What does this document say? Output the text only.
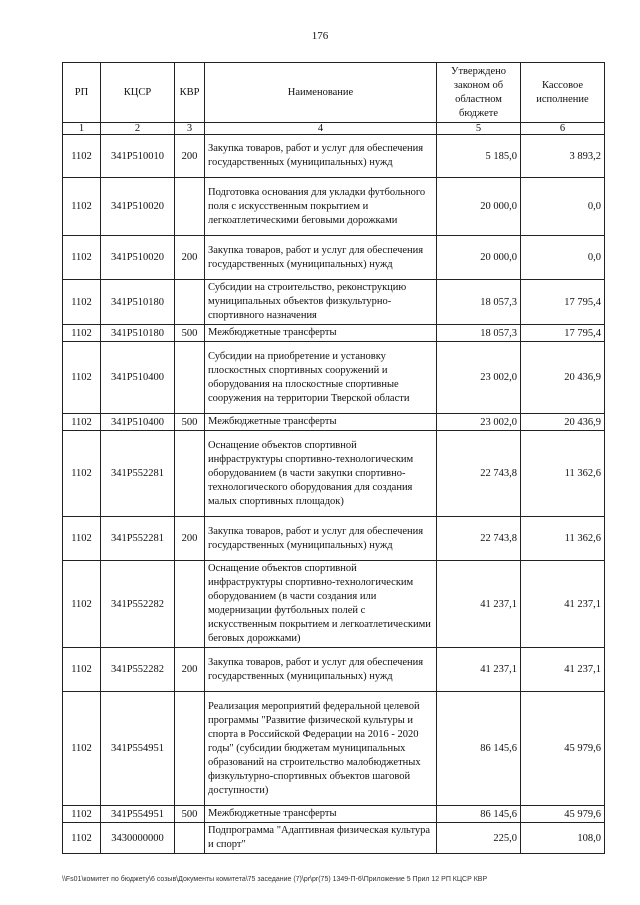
176
РП	КЦСР	КВР	Наименование	Утверждено законом об областном бюджете	Кассовое исполнение
1	2	3	4	5	6
1102	341Р510010	200	Закупка товаров, работ и услуг для обеспечения государственных (муниципальных) нужд	5 185,0	3 893,2
1102	341Р510020		Подготовка основания для укладки футбольного поля с искусственным покрытием и легкоатлетическими беговыми дорожками	20 000,0	0,0
1102	341Р510020	200	Закупка товаров, работ и услуг для обеспечения государственных (муниципальных) нужд	20 000,0	0,0
1102	341Р510180		Субсидии на строительство, реконструкцию муниципальных объектов физкультурно-спортивного назначения	18 057,3	17 795,4
1102	341Р510180	500	Межбюджетные трансферты	18 057,3	17 795,4
1102	341Р510400		Субсидии на приобретение и установку плоскостных спортивных сооружений и оборудования на плоскостные спортивные сооружения на территории Тверской области	23 002,0	20 436,9
1102	341Р510400	500	Межбюджетные трансферты	23 002,0	20 436,9
1102	341Р552281		Оснащение объектов спортивной инфраструктуры спортивно-технологическим оборудованием (в части закупки спортивно-технологического оборудования для создания малых спортивных площадок)	22 743,8	11 362,6
1102	341Р552281	200	Закупка товаров, работ и услуг для обеспечения государственных (муниципальных) нужд	22 743,8	11 362,6
1102	341Р552282		Оснащение объектов спортивной инфраструктуры спортивно-технологическим оборудованием (в части создания или модернизации футбольных полей с искусственным покрытием и легкоатлетическими беговых дорожками)	41 237,1	41 237,1
1102	341Р552282	200	Закупка товаров, работ и услуг для обеспечения государственных (муниципальных) нужд	41 237,1	41 237,1
1102	341Р554951		Реализация мероприятий федеральной целевой программы "Развитие физической культуры и спорта в Российской Федерации на 2016 - 2020 годы" (субсидии бюджетам муниципальных образований на строительство малобюджетных физкультурно-спортивных объектов шаговой доступности)	86 145,6	45 979,6
1102	341Р554951	500	Межбюджетные трансферты	86 145,6	45 979,6
1102	3430000000		Подпрограмма "Адаптивная физическая культура и спорт"	225,0	108,0
\\Fs01\комитет по бюджету\6 созыв\Документы комитета\75 заседание (7)\pr\pr(75) 1349-П-6\Приложение 5 Прил 12 РП КЦСР КВР
